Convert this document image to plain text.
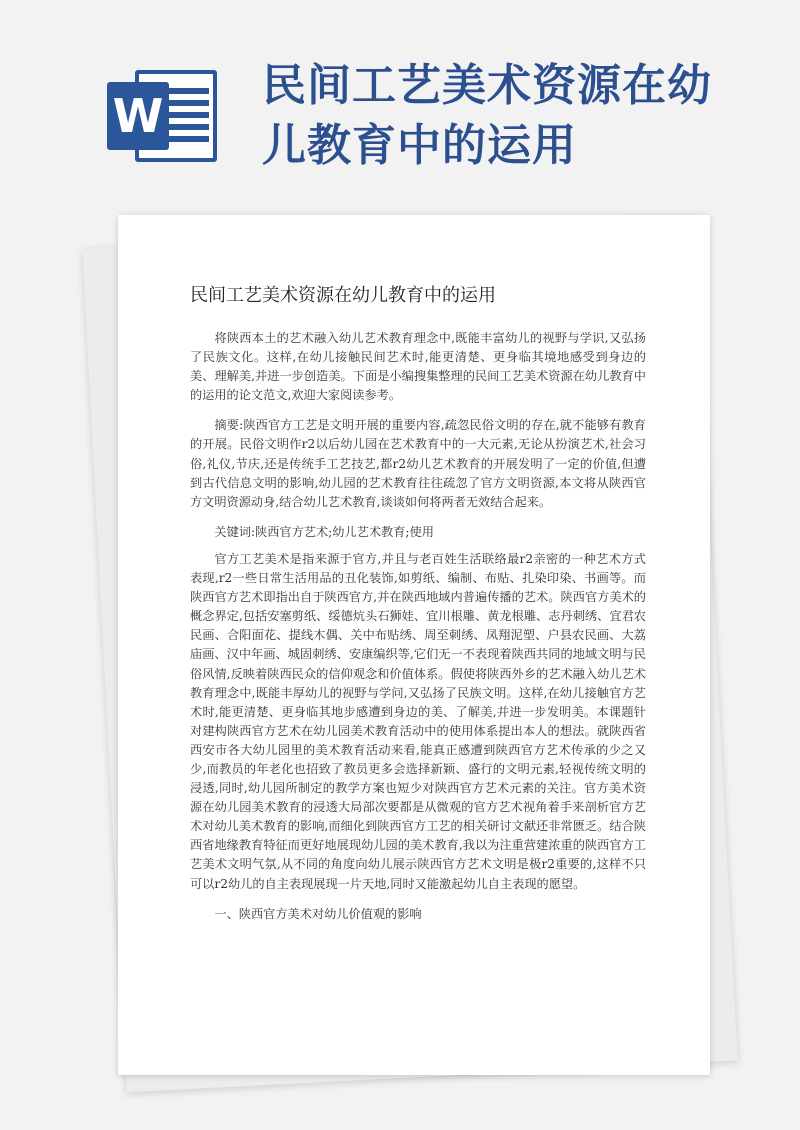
W
民间工艺美术资源在幼儿教育中的运用
民间工艺美术资源在幼儿教育中的运用

将陕西本土的艺术融入幼儿艺术教育理念中,既能丰富幼儿的视野与学识,又弘扬了民族文化。这样,在幼儿接触民间艺术时,能更清楚、更身临其境地感受到身边的美、理解美,并进一步创造美。下面是小编搜集整理的民间工艺美术资源在幼儿教育中的运用的论文范文,欢迎大家阅读参考。

摘要:陕西官方工艺是文明开展的重要内容,疏忽民俗文明的存在,就不能够有教育的开展。民俗文明作r2以后幼儿园在艺术教育中的一大元素,无论从扮演艺术,社会习俗,礼仪,节庆,还是传统手工艺技艺,都r2幼儿艺术教育的开展发明了一定的价值,但遭到古代信息文明的影响,幼儿园的艺术教育往往疏忽了官方文明资源,本文将从陕西官方文明资源动身,结合幼儿艺术教育,谈谈如何将两者无效结合起来。

关键词:陕西官方艺术;幼儿艺术教育;使用

官方工艺美术是指来源于官方,并且与老百姓生活联络最r2亲密的一种艺术方式表现,r2一些日常生活用品的丑化装饰,如剪纸、编制、布贴、扎染印染、书画等。而陕西官方艺术即指出自于陕西官方,并在陕西地域内普遍传播的艺术。陕西官方美术的概念界定,包括安塞剪纸、绥德炕头石狮娃、宜川根雕、黄龙根雕、志丹刺绣、宜君农民画、合阳面花、提线木偶、关中布贴绣、周至刺绣、凤翔泥塑、户县农民画、大荔庙画、汉中年画、城固刺绣、安康编织等,它们无一不表现着陕西共同的地域文明与民俗风情,反映着陕西民众的信仰观念和价值体系。假使将陕西外乡的艺术融入幼儿艺术教育理念中,既能丰厚幼儿的视野与学问,又弘扬了民族文明。这样,在幼儿接触官方艺术时,能更清楚、更身临其地步感遭到身边的美、了解美,并进一步发明美。本课题针对建构陕西官方艺术在幼儿园美术教育活动中的使用体系提出本人的想法。就陕西省西安市各大幼儿园里的美术教育活动来看,能真正感遭到陕西官方艺术传承的少之又少,而教员的年老化也招致了教员更多会选择新颖、盛行的文明元素,轻视传统文明的浸透,同时,幼儿园所制定的教学方案也短少对陕西官方艺术元素的关注。官方美术资源在幼儿园美术教育的浸透大局部次要都是从微观的官方艺术视角着手来剖析官方艺术对幼儿美术教育的影响,而细化到陕西官方工艺的相关研讨文献还非常匮乏。结合陕西省地缘教育特征而更好地展现幼儿园的美术教育,我以为注重营建浓重的陕西官方工艺美术文明气氛,从不同的角度向幼儿展示陕西官方艺术文明是极r2重要的,这样不只可以r2幼儿的自主表现展现一片天地,同时又能激起幼儿自主表现的愿望。

一、陕西官方美术对幼儿价值观的影响
